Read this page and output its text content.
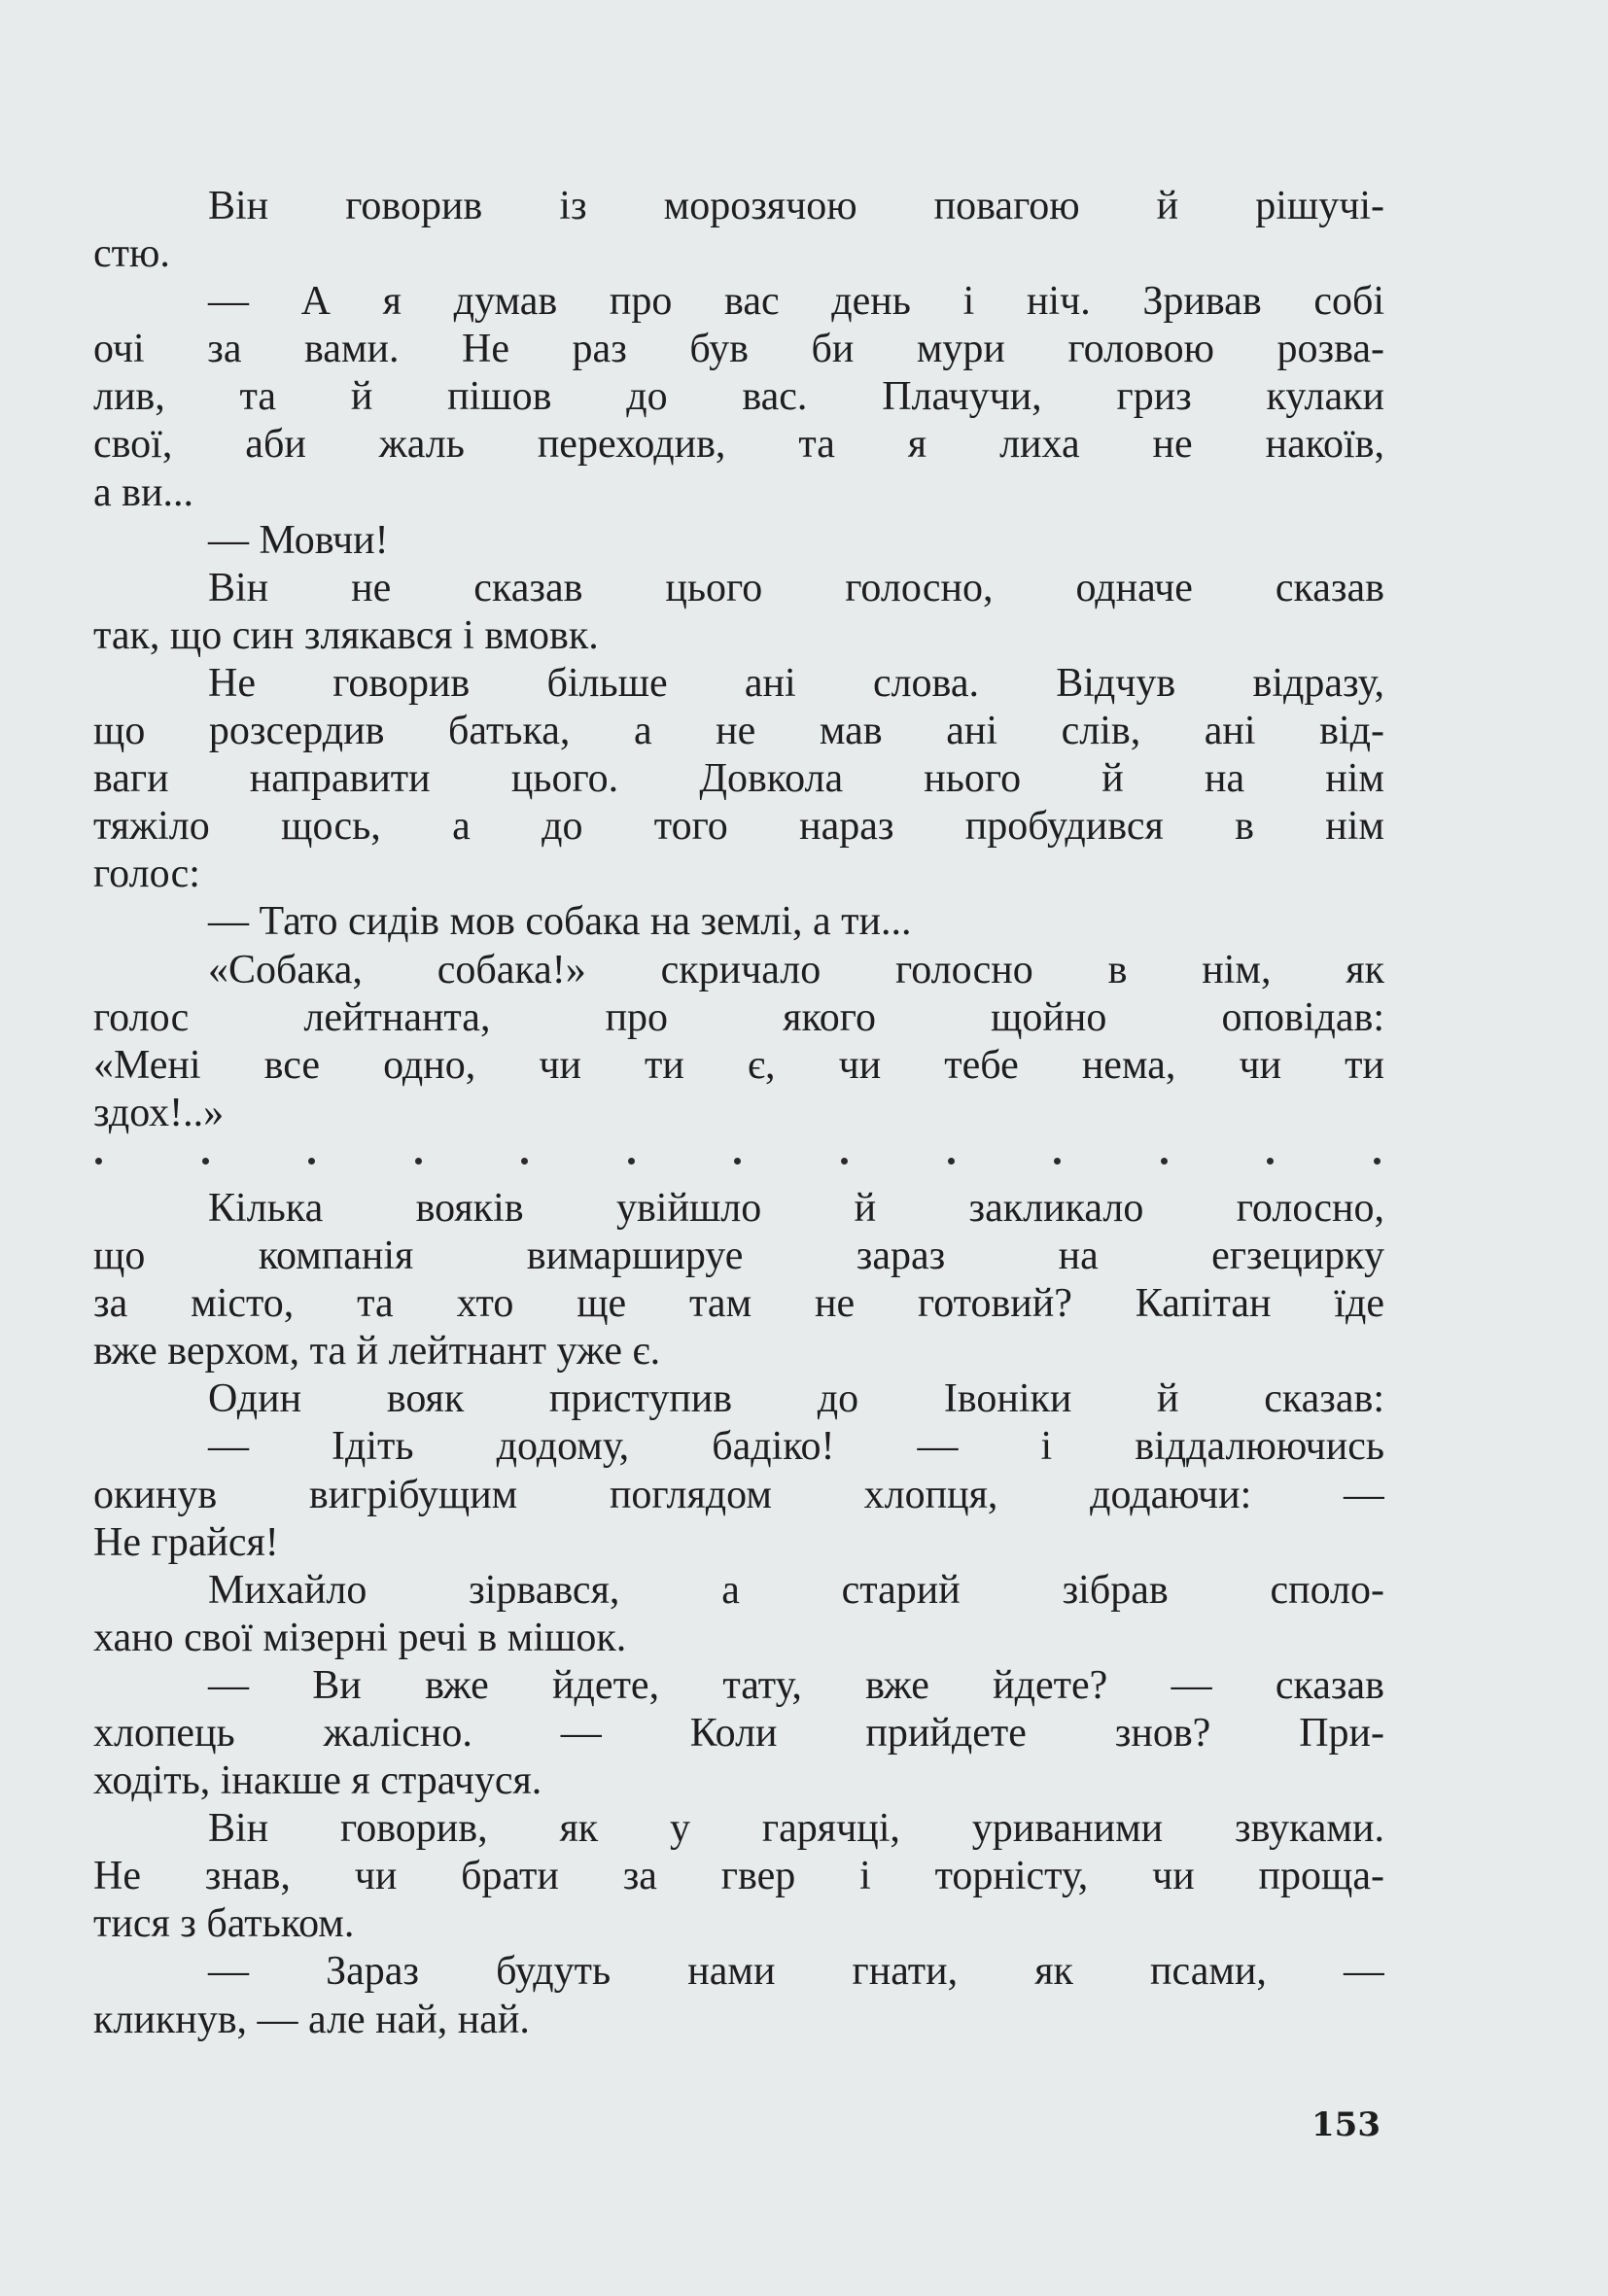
Він говорив із морозячою повагою й рішучі-
стю.
— А я думав про вас день і ніч. Зривав собі
очі за вами. Не раз був би мури головою розва-
лив, та й пішов до вас. Плачучи, гриз кулаки
свої, аби жаль переходив, та я лиха не накоїв,
а ви...
— Мовчи!
Він не сказав цього голосно, одначе сказав
так, що син злякався і вмовк.
Не говорив більше ані слова. Відчув відразу,
що розсердив батька, а не мав ані слів, ані від-
ваги направити цього. Довкола нього й на нім
тяжіло щось, а до того нараз пробудився в нім
голос:
— Тато сидів мов собака на землі, а ти...
«Собака, собака!» скричало голосно в нім, як
голос лейтнанта, про якого щойно оповідав:
«Мені все одно, чи ти є, чи тебе нема, чи ти
здох!..»
Кілька вояків увійшло й закликало голосно,
що компанія вимаршируе зараз на егзецирку
за місто, та хто ще там не готовий? Капітан їде
вже верхом, та й лейтнант уже є.
Один вояк приступив до Івоніки й сказав:
— Ідіть додому, бадіко! — і віддалюючись
окинув вигрібущим поглядом хлопця, додаючи: —
Не грайся!
Михайло зірвався, а старий зібрав споло-
хано свої мізерні речі в мішок.
— Ви вже йдете, тату, вже йдете? — сказав
хлопець жалісно. — Коли прийдете знов? При-
ходіть, інакше я страчуся.
Він говорив, як у гарячці, уриваними звуками.
Не знав, чи брати за гвер і торністу, чи проща-
тися з батьком.
— Зараз будуть нами гнати, як псами, —
кликнув, — але най, най.
153
